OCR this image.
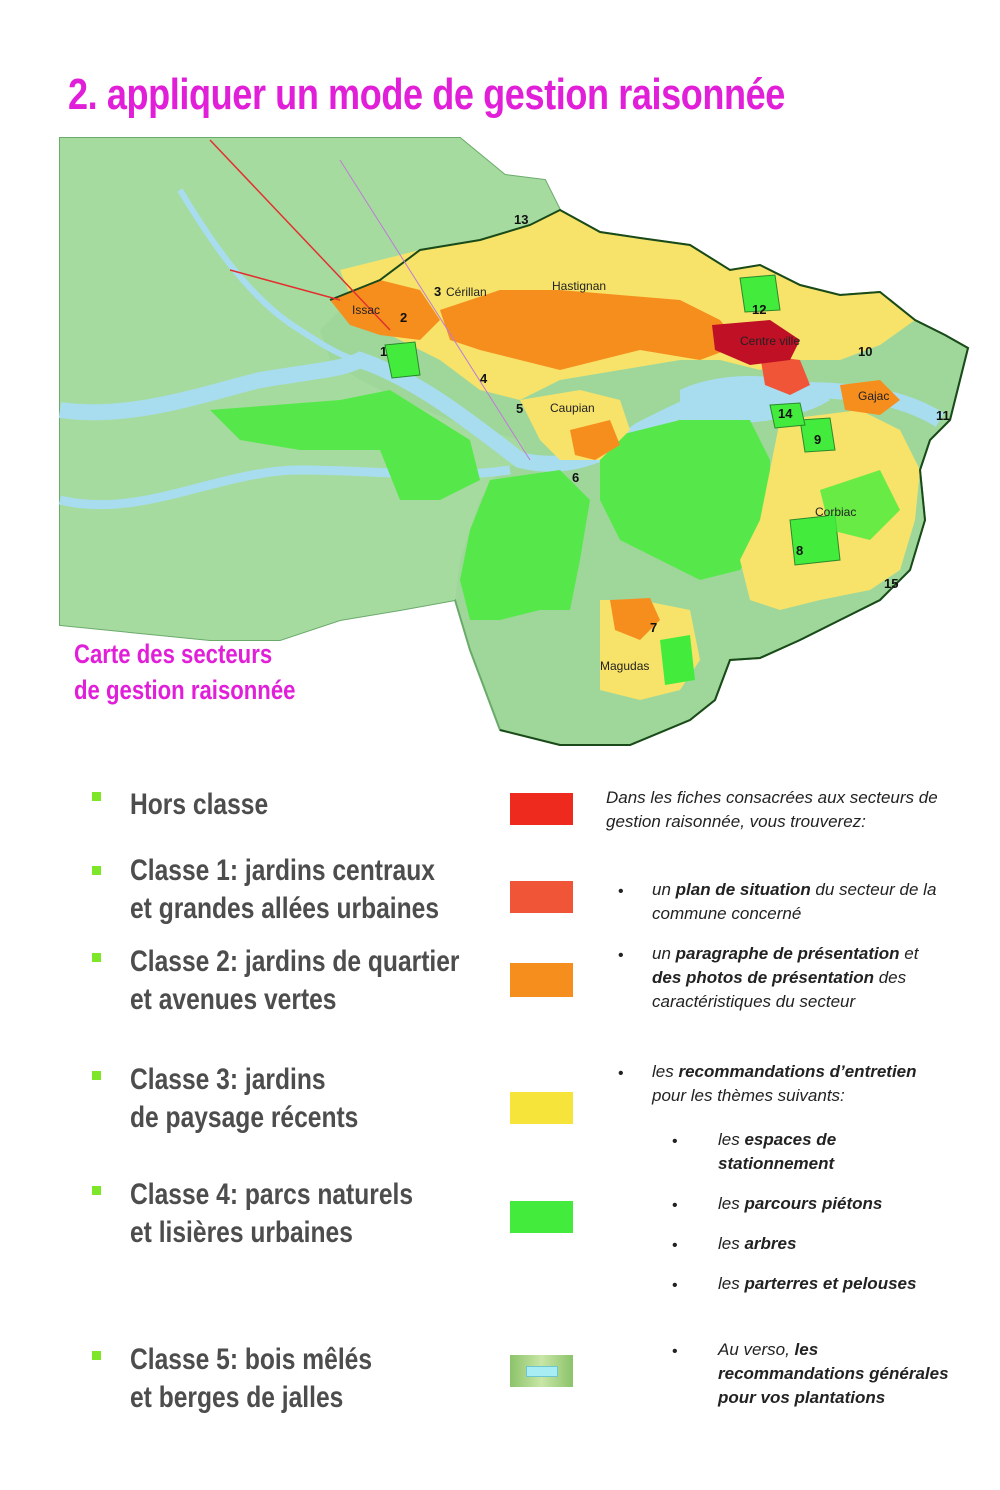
2. appliquer un mode de gestion raisonnée
Issac
Cérillan	Hastignan
Centre ville
Caupian
Gajac
Corbiac
Magudas
1
2
3
4
5
6
7
8
9
10
11
12
13
14
15
Carte des secteurs
de gestion raisonnée
Hors classe
Classe 1: jardins centraux
et grandes allées urbaines
Classe 2: jardins de quartier
et avenues vertes
Classe 3: jardins
de paysage récents
Classe 4: parcs naturels
et lisières urbaines
Classe 5: bois mêlés
et berges de jalles
Dans les fiches consacrées aux secteurs de gestion raisonnée, vous trouverez:
• un plan de situation du secteur de la commune concerné
• un paragraphe de présentation et des photos de présentation des caractéristiques du secteur
• les recommandations d’entretien pour les thèmes suivants:
• les espaces de stationnement
• les parcours piétons
• les arbres
• les parterres et pelouses
• Au verso, les recommandations générales pour vos plantations
